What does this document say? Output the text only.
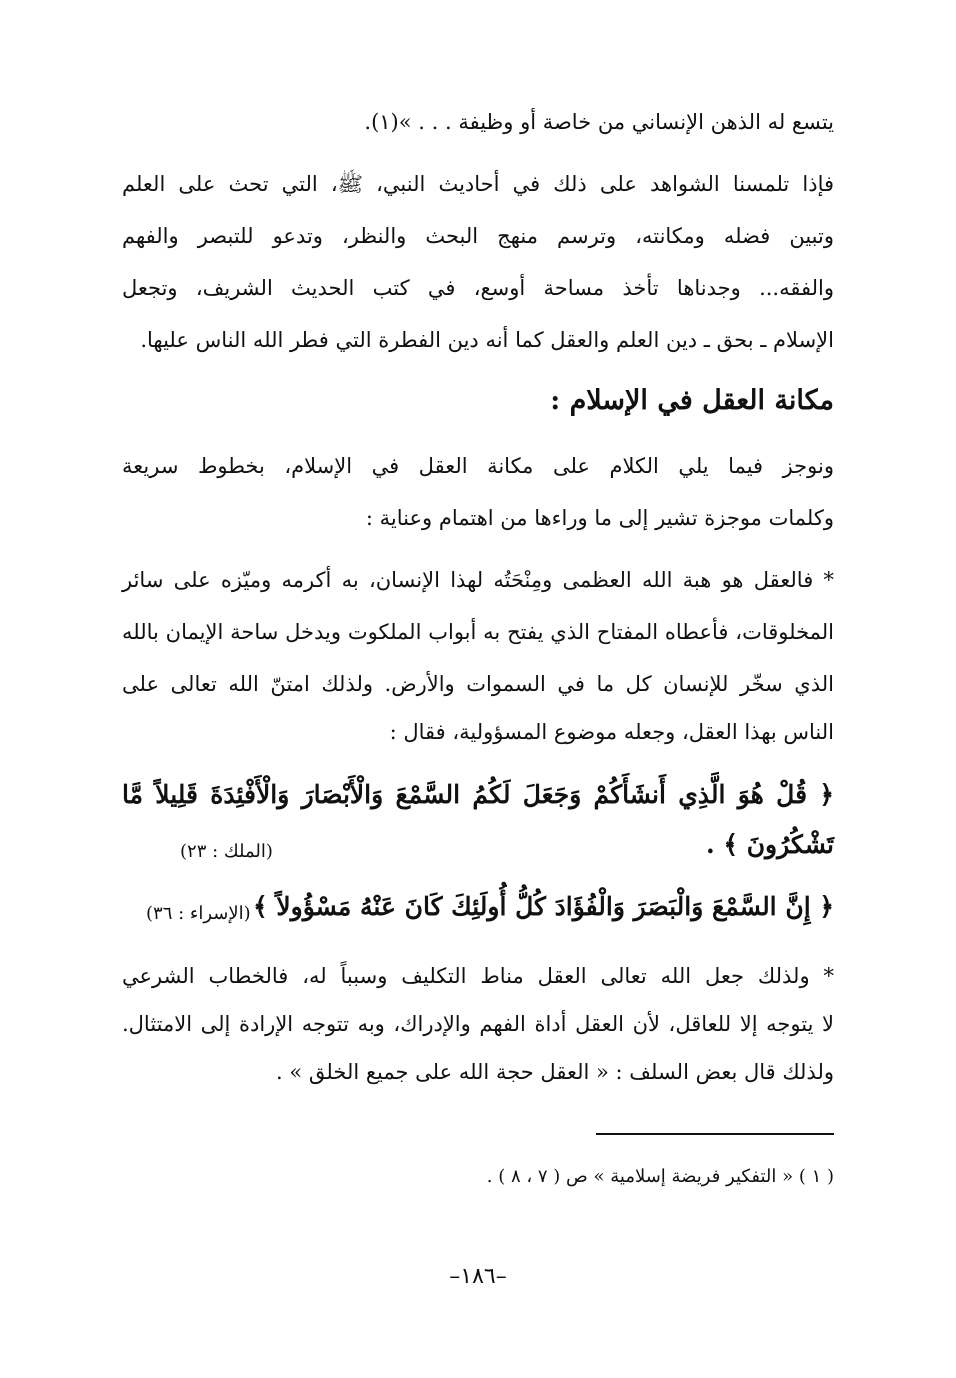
يتسع له الذهن الإنساني من خاصة أو وظيفة . . . »(١).
فإذا تلمسنا الشواهد على ذلك في أحاديث النبي، ﷺ، التي تحث على العلم
وتبين فضله ومكانته، وترسم منهج البحث والنظر، وتدعو للتبصر والفهم
والفقه... وجدناها تأخذ مساحة أوسع، في كتب الحديث الشريف، وتجعل
الإسلام ـ بحق ـ دين العلم والعقل كما أنه دين الفطرة التي فطر الله الناس عليها.
مكانة العقل في الإسلام :
ونوجز فيما يلي الكلام على مكانة العقل في الإسلام، بخطوط سريعة
وكلمات موجزة تشير إلى ما وراءها من اهتمام وعناية :
* فالعقل هو هبة الله العظمى ومِنْحَتُه لهذا الإنسان، به أكرمه وميّزه على سائر
المخلوقات، فأعطاه المفتاح الذي يفتح به أبواب الملكوت ويدخل ساحة الإيمان بالله
الذي سخّر للإنسان كل ما في السموات والأرض. ولذلك امتنّ الله تعالى على
الناس بهذا العقل، وجعله موضوع المسؤولية، فقال :
﴿ قُلْ هُوَ الَّذِي أَنشَأَكُمْ وَجَعَلَ لَكُمُ السَّمْعَ وَالْأَبْصَارَ وَالْأَفْئِدَةَ قَلِيلاً مَّا
تَشْكُرُونَ ﴾ .
(الملك : ٢٣)
﴿ إِنَّ السَّمْعَ وَالْبَصَرَ وَالْفُؤَادَ كُلُّ أُولَئِكَ كَانَ عَنْهُ مَسْؤُولاً ﴾
(الإسراء : ٣٦)
* ولذلك جعل الله تعالى العقل مناط التكليف وسبباً له، فالخطاب الشرعي
لا يتوجه إلا للعاقل، لأن العقل أداة الفهم والإدراك، وبه تتوجه الإرادة إلى الامتثال.
ولذلك قال بعض السلف : « العقل حجة الله على جميع الخلق » .
( ١ ) « التفكير فريضة إسلامية » ص ( ٧ ، ٨ ) .
–١٨٦–
